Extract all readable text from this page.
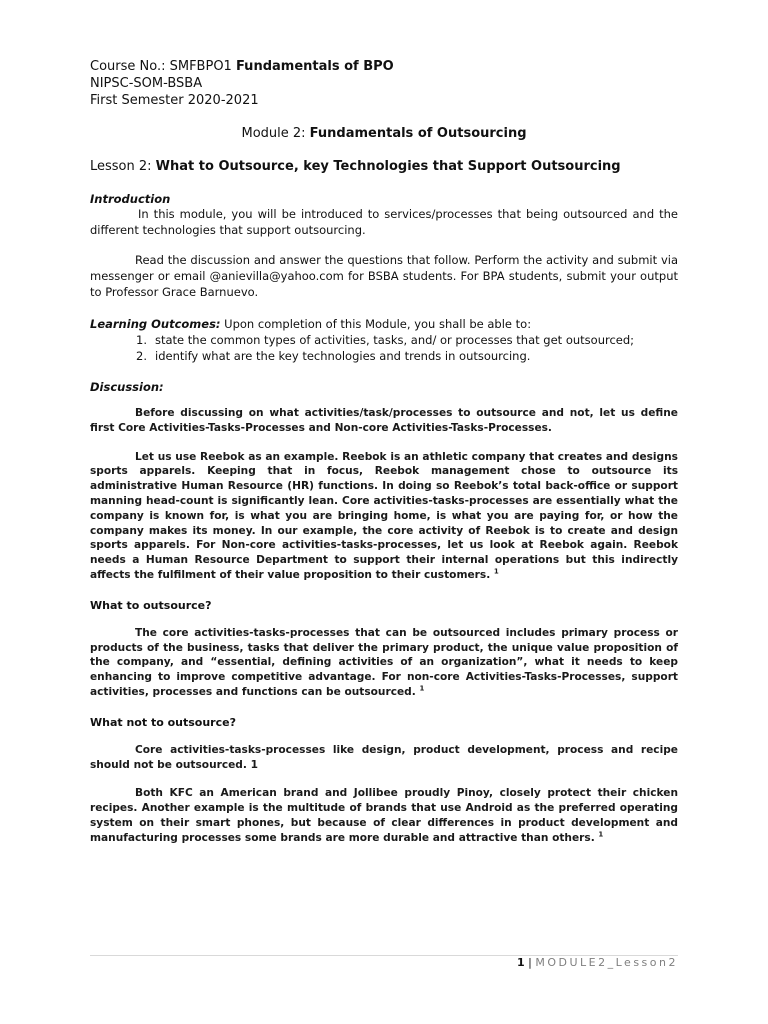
Course No.: SMFBPO1 Fundamentals of BPO
NIPSC-SOM-BSBA
First Semester 2020-2021
Module 2: Fundamentals of Outsourcing
Lesson 2: What to Outsource, key Technologies that Support Outsourcing
Introduction
In this module, you will be introduced to services/processes that being outsourced and the different technologies that support outsourcing.
Read the discussion and answer the questions that follow. Perform the activity and submit via messenger or email @anievilla@yahoo.com for BSBA students. For BPA students, submit your output to Professor Grace Barnuevo.
Learning Outcomes: Upon completion of this Module, you shall be able to:
1. state the common types of activities, tasks, and/ or processes that get outsourced;
2. identify what are the key technologies and trends in outsourcing.
Discussion:
Before discussing on what activities/task/processes to outsource and not, let us define first Core Activities-Tasks-Processes and Non-core Activities-Tasks-Processes.
Let us use Reebok as an example. Reebok is an athletic company that creates and designs sports apparels. Keeping that in focus, Reebok management chose to outsource its administrative Human Resource (HR) functions. In doing so Reebok’s total back-office or support manning head-count is significantly lean. Core activities-tasks-processes are essentially what the company is known for, is what you are bringing home, is what you are paying for, or how the company makes its money. In our example, the core activity of Reebok is to create and design sports apparels. For Non-core activities-tasks-processes, let us look at Reebok again. Reebok needs a Human Resource Department to support their internal operations but this indirectly affects the fulfilment of their value proposition to their customers. $^1$
What to outsource?
The core activities-tasks-processes that can be outsourced includes primary process or products of the business, tasks that deliver the primary product, the unique value proposition of the company, and “essential, defining activities of an organization”, what it needs to keep enhancing to improve competitive advantage. For non-core Activities-Tasks-Processes, support activities, processes and functions can be outsourced. $^1$
What not to outsource?
Core activities-tasks-processes like design, product development, process and recipe should not be outsourced. 1
Both KFC an American brand and Jollibee proudly Pinoy, closely protect their chicken recipes. Another example is the multitude of brands that use Android as the preferred operating system on their smart phones, but because of clear differences in product development and manufacturing processes some brands are more durable and attractive than others. $^1$
1 | MODULE2_Lesson2
